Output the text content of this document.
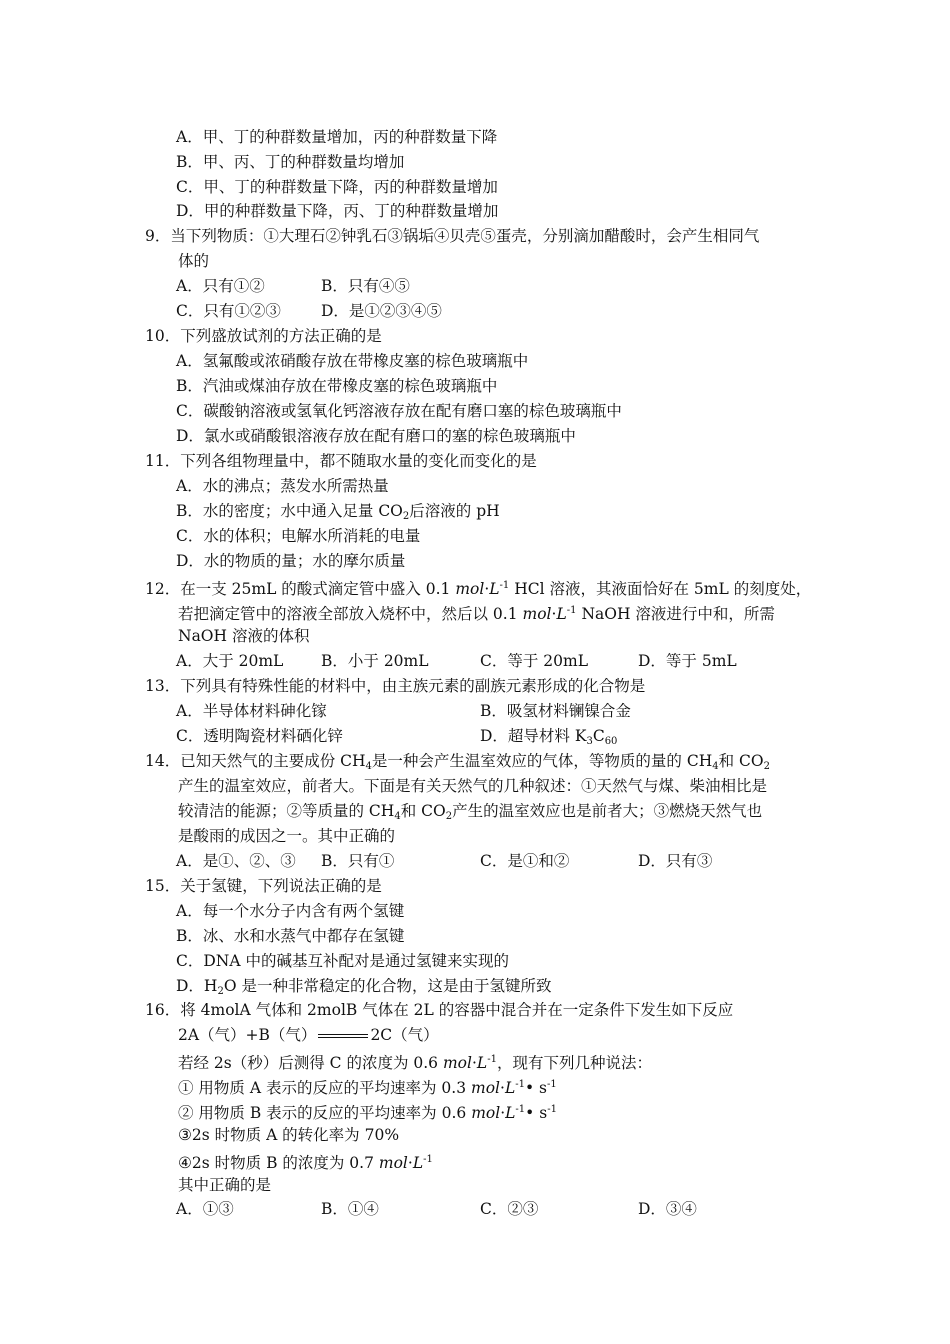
A．甲、丁的种群数量增加，丙的种群数量下降
B．甲、丙、丁的种群数量均增加
C．甲、丁的种群数量下降，丙的种群数量增加
D．甲的种群数量下降，丙、丁的种群数量增加
9．当下列物质：①大理石②钟乳石③锅垢④贝壳⑤蛋壳，分别滴加醋酸时，会产生相同气
体的
A．只有①②	B．只有④⑤
C．只有①②③	D．是①②③④⑤
10．下列盛放试剂的方法正确的是
A．氢氟酸或浓硝酸存放在带橡皮塞的棕色玻璃瓶中
B．汽油或煤油存放在带橡皮塞的棕色玻璃瓶中
C．碳酸钠溶液或氢氧化钙溶液存放在配有磨口塞的棕色玻璃瓶中
D．氯水或硝酸银溶液存放在配有磨口的塞的棕色玻璃瓶中
11．下列各组物理量中，都不随取水量的变化而变化的是
A．水的沸点；蒸发水所需热量
B．水的密度；水中通入足量 $CO_2$后溶液的 pH
C．水的体积；电解水所消耗的电量
D．水的物质的量；水的摩尔质量
12．在一支 25mL 的酸式滴定管中盛入 0.1 $mol\cdot L^{-1}$ HCl 溶液，其液面恰好在 5mL 的刻度处，
若把滴定管中的溶液全部放入烧杯中，然后以 0.1 $mol\cdot L^{-1}$ NaOH 溶液进行中和，所需
NaOH 溶液的体积
A．大于 20mL B．小于 20mL	C．等于 20mL	D．等于 5mL
13．下列具有特殊性能的材料中，由主族元素的副族元素形成的化合物是
A．半导体材料砷化镓	B．吸氢材料镧镍合金
C．透明陶瓷材料硒化锌	D．超导材料 $K_3C_{60}$
14．已知天然气的主要成份 $CH_4$是一种会产生温室效应的气体，等物质的量的 $CH_4$和 $CO_2$
产生的温室效应，前者大。下面是有关天然气的几种叙述：①天然气与煤、柴油相比是
较清洁的能源；②等质量的 $CH_4$和 $CO_2$产生的温室效应也是前者大；③燃烧天然气也
是酸雨的成因之一。其中正确的
A．是①、②、③ B．只有①	C．是①和②	D．只有③
15．关于氢键，下列说法正确的是
A．每一个水分子内含有两个氢键
B．冰、水和水蒸气中都存在氢键
C．DNA 中的碱基互补配对是通过氢键来实现的
D．$H_2O$ 是一种非常稳定的化合物，这是由于氢键所致
16．将 4molA 气体和 2molB 气体在 2L 的容器中混合并在一定条件下发生如下反应
2A（气）+B（气）	2C（气）
若经 2s（秒）后测得 C 的浓度为 0.6 $mol\cdot L^{-1}$，现有下列几种说法：
① 用物质 A 表示的反应的平均速率为 0.3 $mol\cdot L^{-1}•$ $s^{-1}$
② 用物质 B 表示的反应的平均速率为 0.6 $mol\cdot L^{-1}•$ $s^{-1}$
③2s 时物质 A 的转化率为 70%
④2s 时物质 B 的浓度为 0.7 $mol\cdot L^{-1}$
其中正确的是
A．①③	B．①④	C．②③	D．③④
